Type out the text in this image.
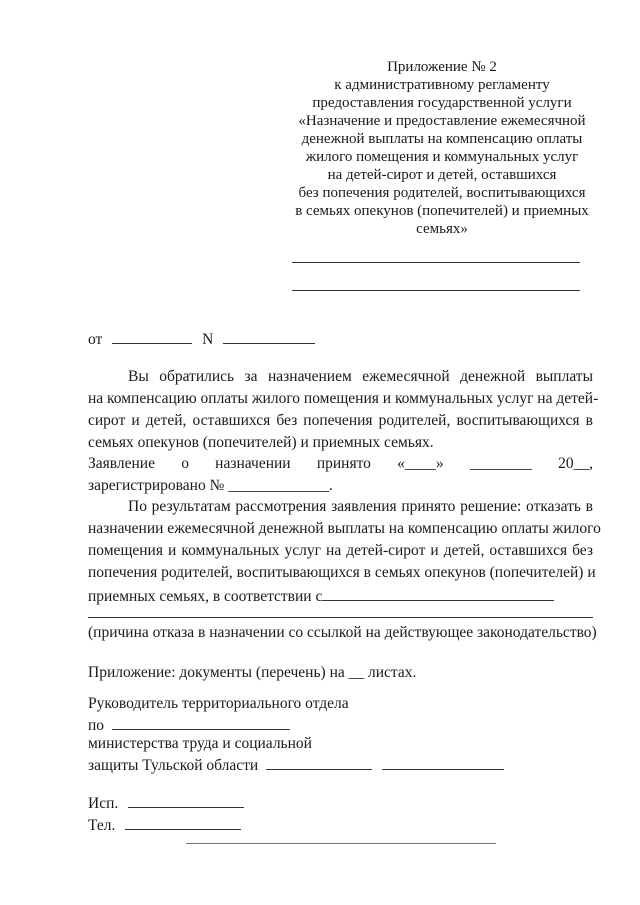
Приложение № 2
к административному регламенту
предоставления государственной услуги
«Назначение и предоставление ежемесячной
денежной выплаты на компенсацию оплаты
жилого помещения и коммунальных услуг
на детей-сирот и детей, оставшихся
без попечения родителей, воспитывающихся
в семьях опекунов (попечителей) и приемных
семьях»
от	N
Вы обратились за назначением ежемесячной денежной выплаты
на компенсацию оплаты жилого помещения и коммунальных услуг на детей-
сирот и детей, оставшихся без попечения родителей, воспитывающихся в
семьях опекунов (попечителей) и приемных семьях.
Заявление о назначении принято «____» ________ 20__,
зарегистрировано № _____________.
По результатам рассмотрения заявления принято решение: отказать в
назначении ежемесячной денежной выплаты на компенсацию оплаты жилого
помещения и коммунальных услуг на детей-сирот и детей, оставшихся без
попечения родителей, воспитывающихся в семьях опекунов (попечителей) и
приемных семьях, в соответствии с
(причина отказа в назначении со ссылкой на действующее законодательство)
Приложение: документы (перечень) на __ листах.
Руководитель территориального отдела
по
министерства труда и социальной
защиты Тульской области
Исп.
Тел.
